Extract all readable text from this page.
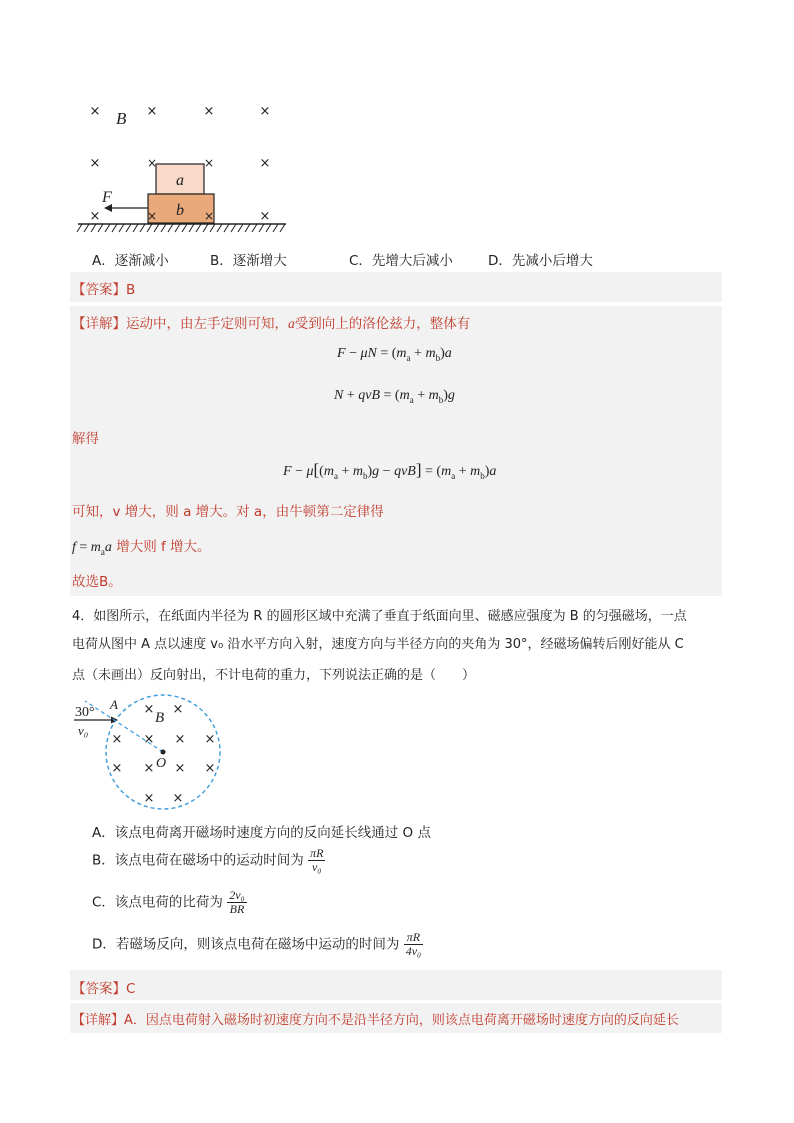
×	×	×	×
×	×
×	×
B
a
b
×	×
×	×
F
A．逐渐减小	B．逐渐增大	C．先增大后减小	D．先减小后增大
【答案】B
【详解】运动中，由左手定则可知，a受到向上的洛伦兹力，整体有
$F - \mu N = (m_a + m_b)a$
N + qvB = $(m_a + m_b)g$
解得
$F - \mu[(m_a + m_b)g - qvB] = (m_a + m_b)a$
可知，v 增大，则 a 增大。对 a，由牛顿第二定律得
$f = m_aa$ 增大则 f 增大。
故选B。
4．如图所示，在纸面内半径为 R 的圆形区域中充满了垂直于纸面向里、磁感应强度为 B 的匀强磁场，一点
电荷从图中 A 点以速度 v₀ 沿水平方向入射，速度方向与半径方向的夹角为 30°，经磁场偏转后刚好能从 C
点（未画出）反向射出，不计电荷的重力，下列说法正确的是（　　）
30°
A
v₀
B
O
× ×
× × × ×
× × × ×
× ×
A．该点电荷离开磁场时速度方向的反向延长线通过 O 点
B．该点电荷在磁场中的运动时间为 $\frac{\pi R}{\text{v₀}}$
C．该点电荷的比荷为 $\frac{\text{2v₀}}{BR}$
D．若磁场反向，则该点电荷在磁场中运动的时间为 $\frac{\pi R}{\text{4v₀}}$
【答案】C
【详解】A．因点电荷射入磁场时初速度方向不是沿半径方向，则该点电荷离开磁场时速度方向的反向延长
